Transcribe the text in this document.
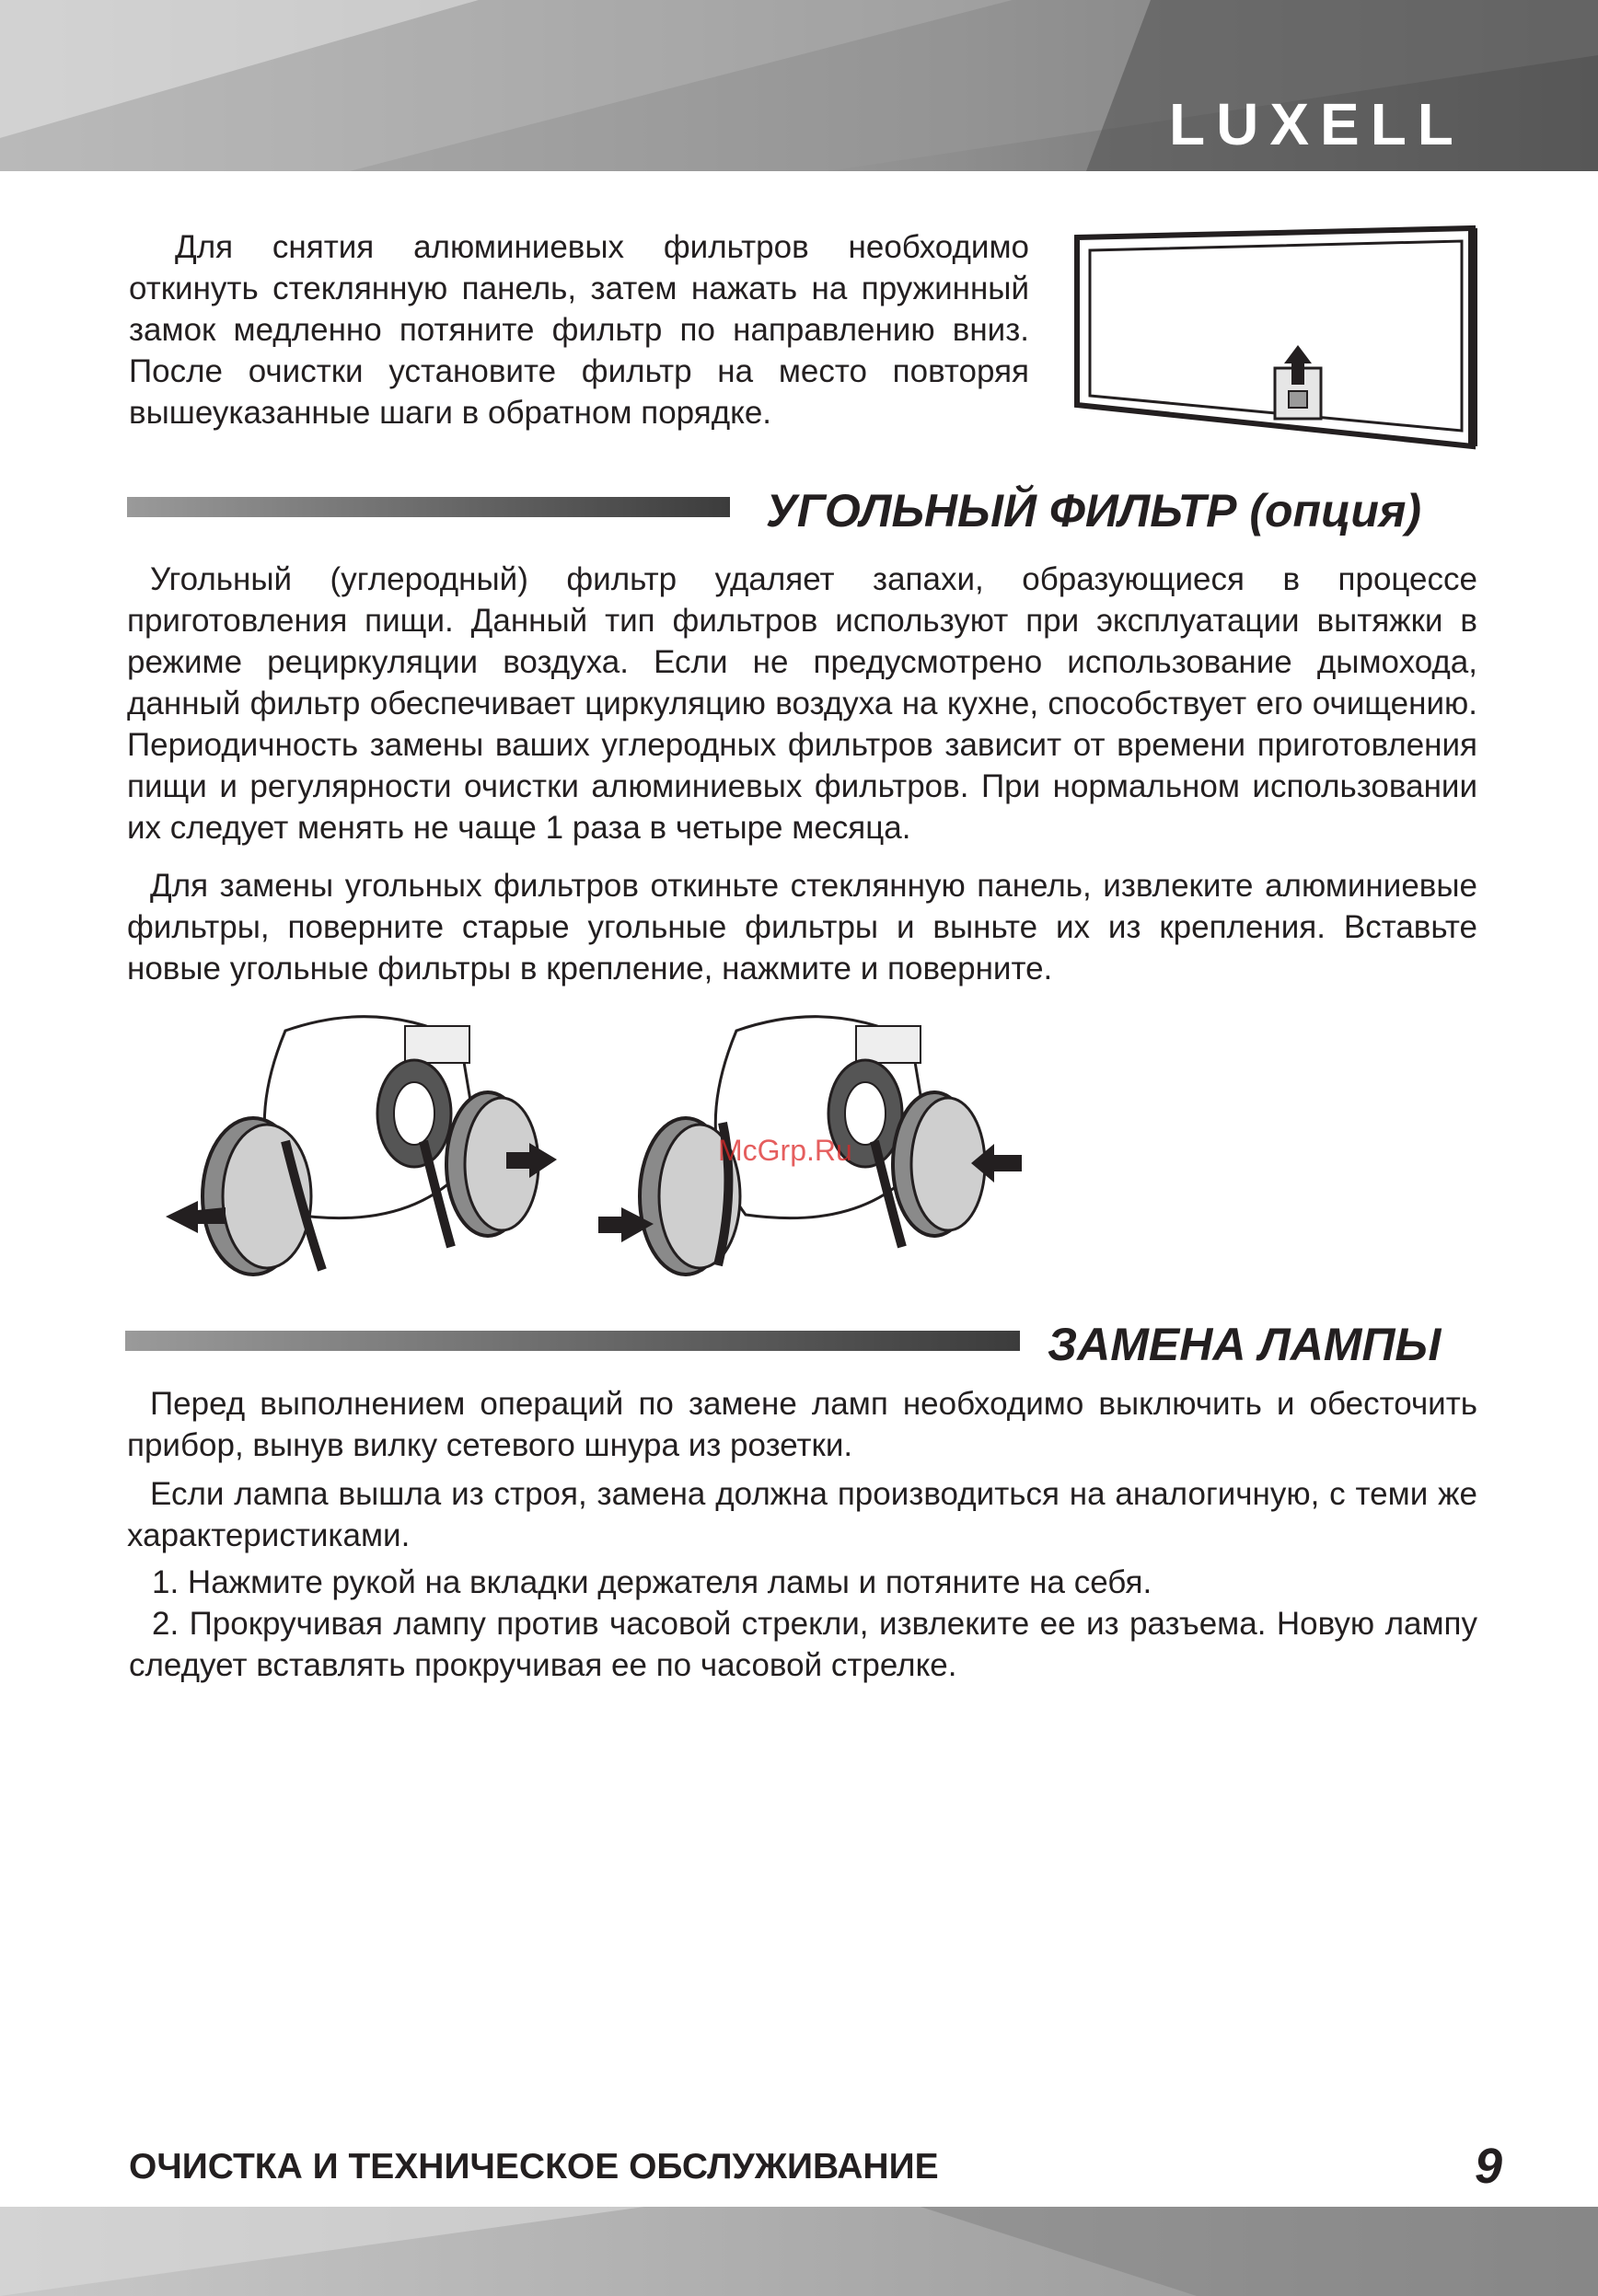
LUXELL

Для снятия алюминиевых фильтров необходимо откинуть стеклянную панель, затем нажать на пружинный замок медленно потяните фильтр по направлению вниз. После очистки установите фильтр на место повторяя вышеуказанные шаги в обратном порядке.

УГОЛЬНЫЙ ФИЛЬТР (опция)

Угольный (углеродный) фильтр удаляет запахи, образующиеся в процессе приготовления пищи. Данный тип фильтров используют при эксплуатации вытяжки в режиме рециркуляции воздуха. Если не предусмотрено использование дымохода, данный фильтр обеспечивает циркуляцию воздуха на кухне, способствует его очищению. Периодичность замены ваших углеродных фильтров зависит от времени приготовления пищи и регулярности очистки алюминиевых фильтров. При нормальном использовании их следует менять не чаще 1 раза в четыре месяца.

Для замены угольных фильтров откиньте стеклянную панель, извлеките алюминиевые фильтры, поверните старые угольные фильтры и выньте их из крепления. Вставьте новые угольные фильтры в крепление, нажмите и поверните.

McGrp.Ru

ЗАМЕНА ЛАМПЫ

Перед выполнением операций по замене ламп необходимо выключить и обесточить прибор, вынув вилку сетевого шнура из розетки.

Если лампа вышла из строя, замена должна производиться на аналогичную, с теми же характеристиками.

1. Нажмите рукой на вкладки держателя ламы и потяните на себя.
2. Прокручивая лампу против часовой стрекли, извлеките ее из разъема. Новую лампу следует вставлять прокручивая ее по часовой стрелке.

ОЧИСТКА И ТЕХНИЧЕСКОЕ ОБСЛУЖИВАНИЕ	9
